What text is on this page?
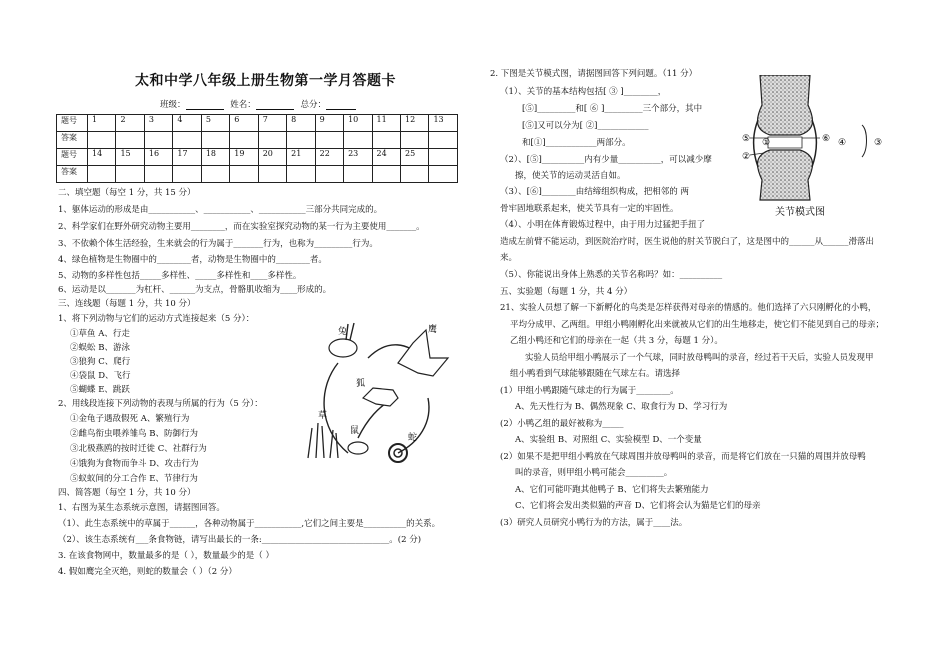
太和中学八年级上册生物第一学月答题卡
班级：	姓名：	总分：
题号	1	2	3	4	5	6	7	8	9	10	11	12	13
答案													
题号	14	15	16	17	18	19	20	21	22	23	24	25	
答案													
二、填空题（每空 1 分，共 15 分）
1、躯体运动的形成是由___________、___________、___________三部分共同完成的。
2、科学家们在野外研究动物主要用________，而在实验室探究动物的某一行为主要使用_______。
3、不依赖个体生活经验，生来就会的行为属于_______行为，也称为_________行为。
4、绿色植物是生物圈中的________者，动物是生物圈中的________者。
5、动物的多样性包括_____多样性、_____多样性和____多样性。
6、运动是以_______为杠杆、______为支点，骨骼肌收缩为____形成的。
三、连线题（每题 1 分，共 10 分）
1、将下列动物与它们的运动方式连接起来（5 分）：
①草鱼 A、行走
②蜈蚣 B、游泳
③狼狗 C、爬行
④袋鼠 D、飞行
⑤蝴蝶 E、跳跃
2、用线段连接下列动物的表现与所属的行为（5 分）：
①金龟子遇敌假死 A、繁殖行为
②雌鸟衔虫喂养雏鸟 B、防御行为
③北极燕鸥的按时迁徙 C、社群行为
④饿狗为食物而争斗 D、攻击行为
⑤蚁蚁间的分工合作 E、节律行为
四、简答题（每空 1 分，共 10 分）
1、右图为某生态系统示意图，请据图回答。
（1）、此生态系统中的草属于______，各种动物属于___________,它们之间主要是__________的关系。
（2）、该生态系统有___条食物链，请写出最长的一条:______________________________。(2 分)
3. 在该食物网中，数量最多的是（ ），数量最少的是（ ）
4. 假如鹰完全灭绝，则蛇的数量会（ ）（2 分）
兔	鹰
狐
鼠
草
蛇
2. 下图是关节模式图，请据图回答下列问题。（11 分）
（1）、关节的基本结构包括[ ③ ]________，
[⑤]_________和[ ⑥ ]_________三个部分，其中
[⑤]又可以分为[ ②]____________
和[①]____________两部分。
（2）、[⑤]__________内有少量__________，可以减少摩
擦，使关节的运动灵活自如。
（3）、[⑥]________由结缔组织构成，把相邻的 两
骨牢固地联系起来，使关节具有一定的牢固性。
（4）、小明在体育锻炼过程中，由于用力过猛把手扭了
造成左前臂不能运动，到医院治疗时，医生说他的肘关节脱臼了，这是图中的______从______滑落出
来。
（5）、你能说出身体上熟悉的关节名称吗？如：__________
五、实验题（每题 1 分，共 4 分）
21、实验人员想了解一下新孵化的鸟类是怎样获得对母亲的情感的。他们选择了六只刚孵化的小鸭，
平均分成甲、乙两组。甲组小鸭刚孵化出来就被从它们的出生地移走，使它们不能见到自己的母亲；
乙组小鸭还和它们的母亲在一起（共 3 分，每题 1 分）。
实验人员给甲组小鸭展示了一个气球，同时放母鸭叫的录音，经过若干天后，实验人员发现甲
组小鸭看到气球能够跟随在气球左右。请选择
(1）甲组小鸭跟随气球走的行为属于________。
A、先天性行为 B、偶然现象 C、取食行为 D、学习行为
(2）小鸭乙组的最好被称为_____
A、实验组 B、对照组 C、实验模型 D、一个变量
(2）如果不是把甲组小鸭放在气球周围并放母鸭叫的录音，而是将它们放在一只猫的周围并放母鸭
叫的录音，则甲组小鸭可能会_________。
A、它们可能吓跑其他鸭子 B、它们将失去繁殖能力
C、它们将会发出类似猫的声音 D、它们将会认为猫是它们的母亲
(3）研究人员研究小鸭行为的方法，属于____法。
⑤ ①	⑥ ④
②
③
关节模式图
